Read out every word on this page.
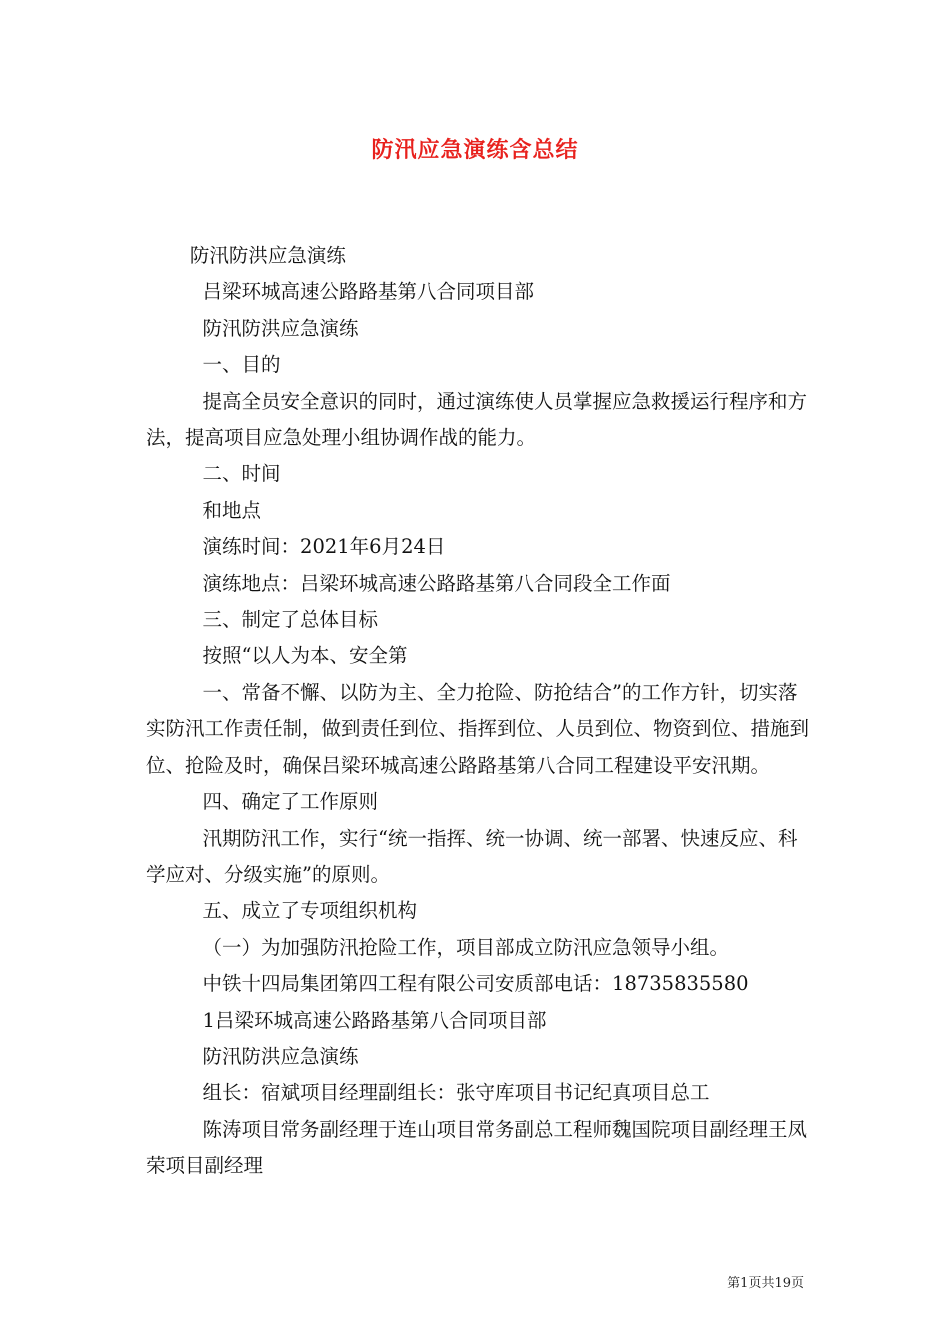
防汛应急演练含总结

防汛防洪应急演练

吕梁环城高速公路路基第八合同项目部

防汛防洪应急演练

一、目的

提高全员安全意识的同时，通过演练使人员掌握应急救援运行程序和方法，提高项目应急处理小组协调作战的能力。

二、时间

和地点

演练时间：2021年6月24日

演练地点：吕梁环城高速公路路基第八合同段全工作面

三、制定了总体目标

按照“以人为本、安全第

一、常备不懈、以防为主、全力抢险、防抢结合”的工作方针，切实落实防汛工作责任制，做到责任到位、指挥到位、人员到位、物资到位、措施到位、抢险及时，确保吕梁环城高速公路路基第八合同工程建设平安汛期。

四、确定了工作原则

汛期防汛工作，实行“统一指挥、统一协调、统一部署、快速反应、科学应对、分级实施”的原则。

五、成立了专项组织机构

（一）为加强防汛抢险工作，项目部成立防汛应急领导小组。

中铁十四局集团第四工程有限公司安质部电话：18735835580

1吕梁环城高速公路路基第八合同项目部

防汛防洪应急演练

组长：宿斌项目经理副组长：张守库项目书记纪真项目总工

陈涛项目常务副经理于连山项目常务副总工程师魏国院项目副经理王凤荣项目副经理

第1页共19页
